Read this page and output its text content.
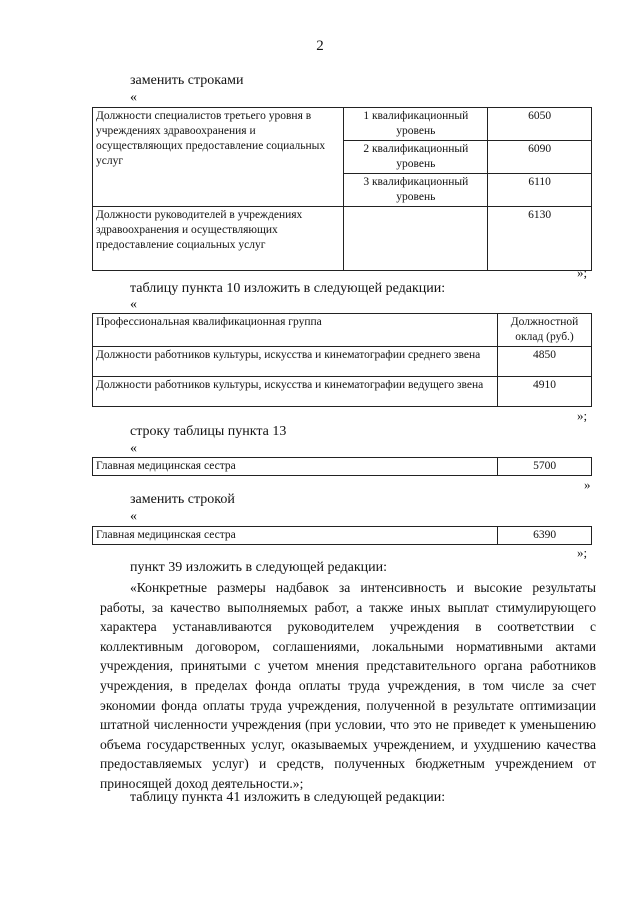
2
заменить строками
«
Должности специалистов третьего уровня в учреждениях здравоохранения и осуществляющих предоставление социальных услуг	1 квалификационный уровень	6050
	2 квалификационный уровень	6090
	3 квалификационный уровень	6110
Должности руководителей в учреждениях здравоохранения и осуществляющих предоставление социальных услуг		6130
»;
таблицу пункта 10 изложить в следующей редакции:
«
Профессиональная квалификационная группа	Должностной оклад (руб.)
Должности работников культуры, искусства и кинематографии среднего звена	4850
Должности работников культуры, искусства и кинематографии ведущего звена	4910
»;
строку таблицы пункта 13
«
Главная медицинская сестра	5700
»
заменить строкой
«
Главная медицинская сестра	6390
»;
пункт 39 изложить в следующей редакции:
«Конкретные размеры надбавок за интенсивность и высокие результаты работы, за качество выполняемых работ, а также иных выплат стимулирующего характера устанавливаются руководителем учреждения в соответствии с коллективным договором, соглашениями, локальными нормативными актами учреждения, принятыми с учетом мнения представительного органа работников учреждения, в пределах фонда оплаты труда учреждения, в том числе за счет экономии фонда оплаты труда учреждения, полученной в результате оптимизации штатной численности учреждения (при условии, что это не приведет к уменьшению объема государственных услуг, оказываемых учреждением, и ухудшению качества предоставляемых услуг) и средств, полученных бюджетным учреждением от приносящей доход деятельности.»;
таблицу пункта 41 изложить в следующей редакции:
